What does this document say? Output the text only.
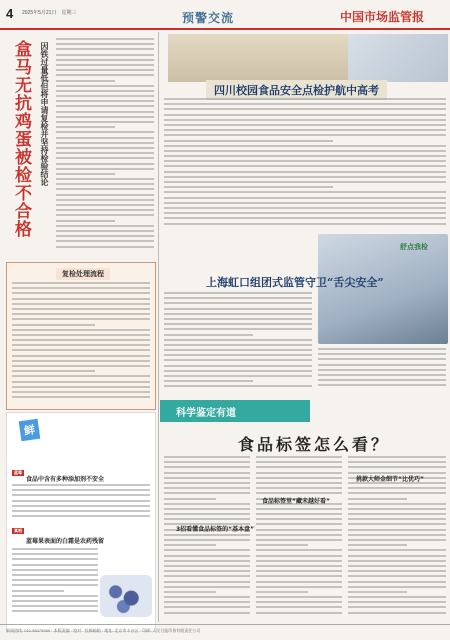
4 2025年5月21日　星期三	预警交流	中国市场监管报
盒马无抗鸡蛋被检不合格	因铁过量低但将申请复检并坚持检验结论
复检处理流程
鲜
蓝莓
食品中含有多种添加剂不安全
真相
蓝莓果表面的白霜是农药残留
四川校园食品安全点检护航中高考
舒点我检
上海虹口组团式监管守卫“舌尖安全”
科学鉴定有道
食品标签怎么看？
3招看懂食品标签的“基本盘”
食品标签里“藏未越好看”
挑款大师金细节“比优巧”
新闻热线: 010-58375959 · 本版责编 · 校对 · 投稿邮箱 · 地址: 北京市丰台区 · 印刷: 人民日报印务有限责任公司
